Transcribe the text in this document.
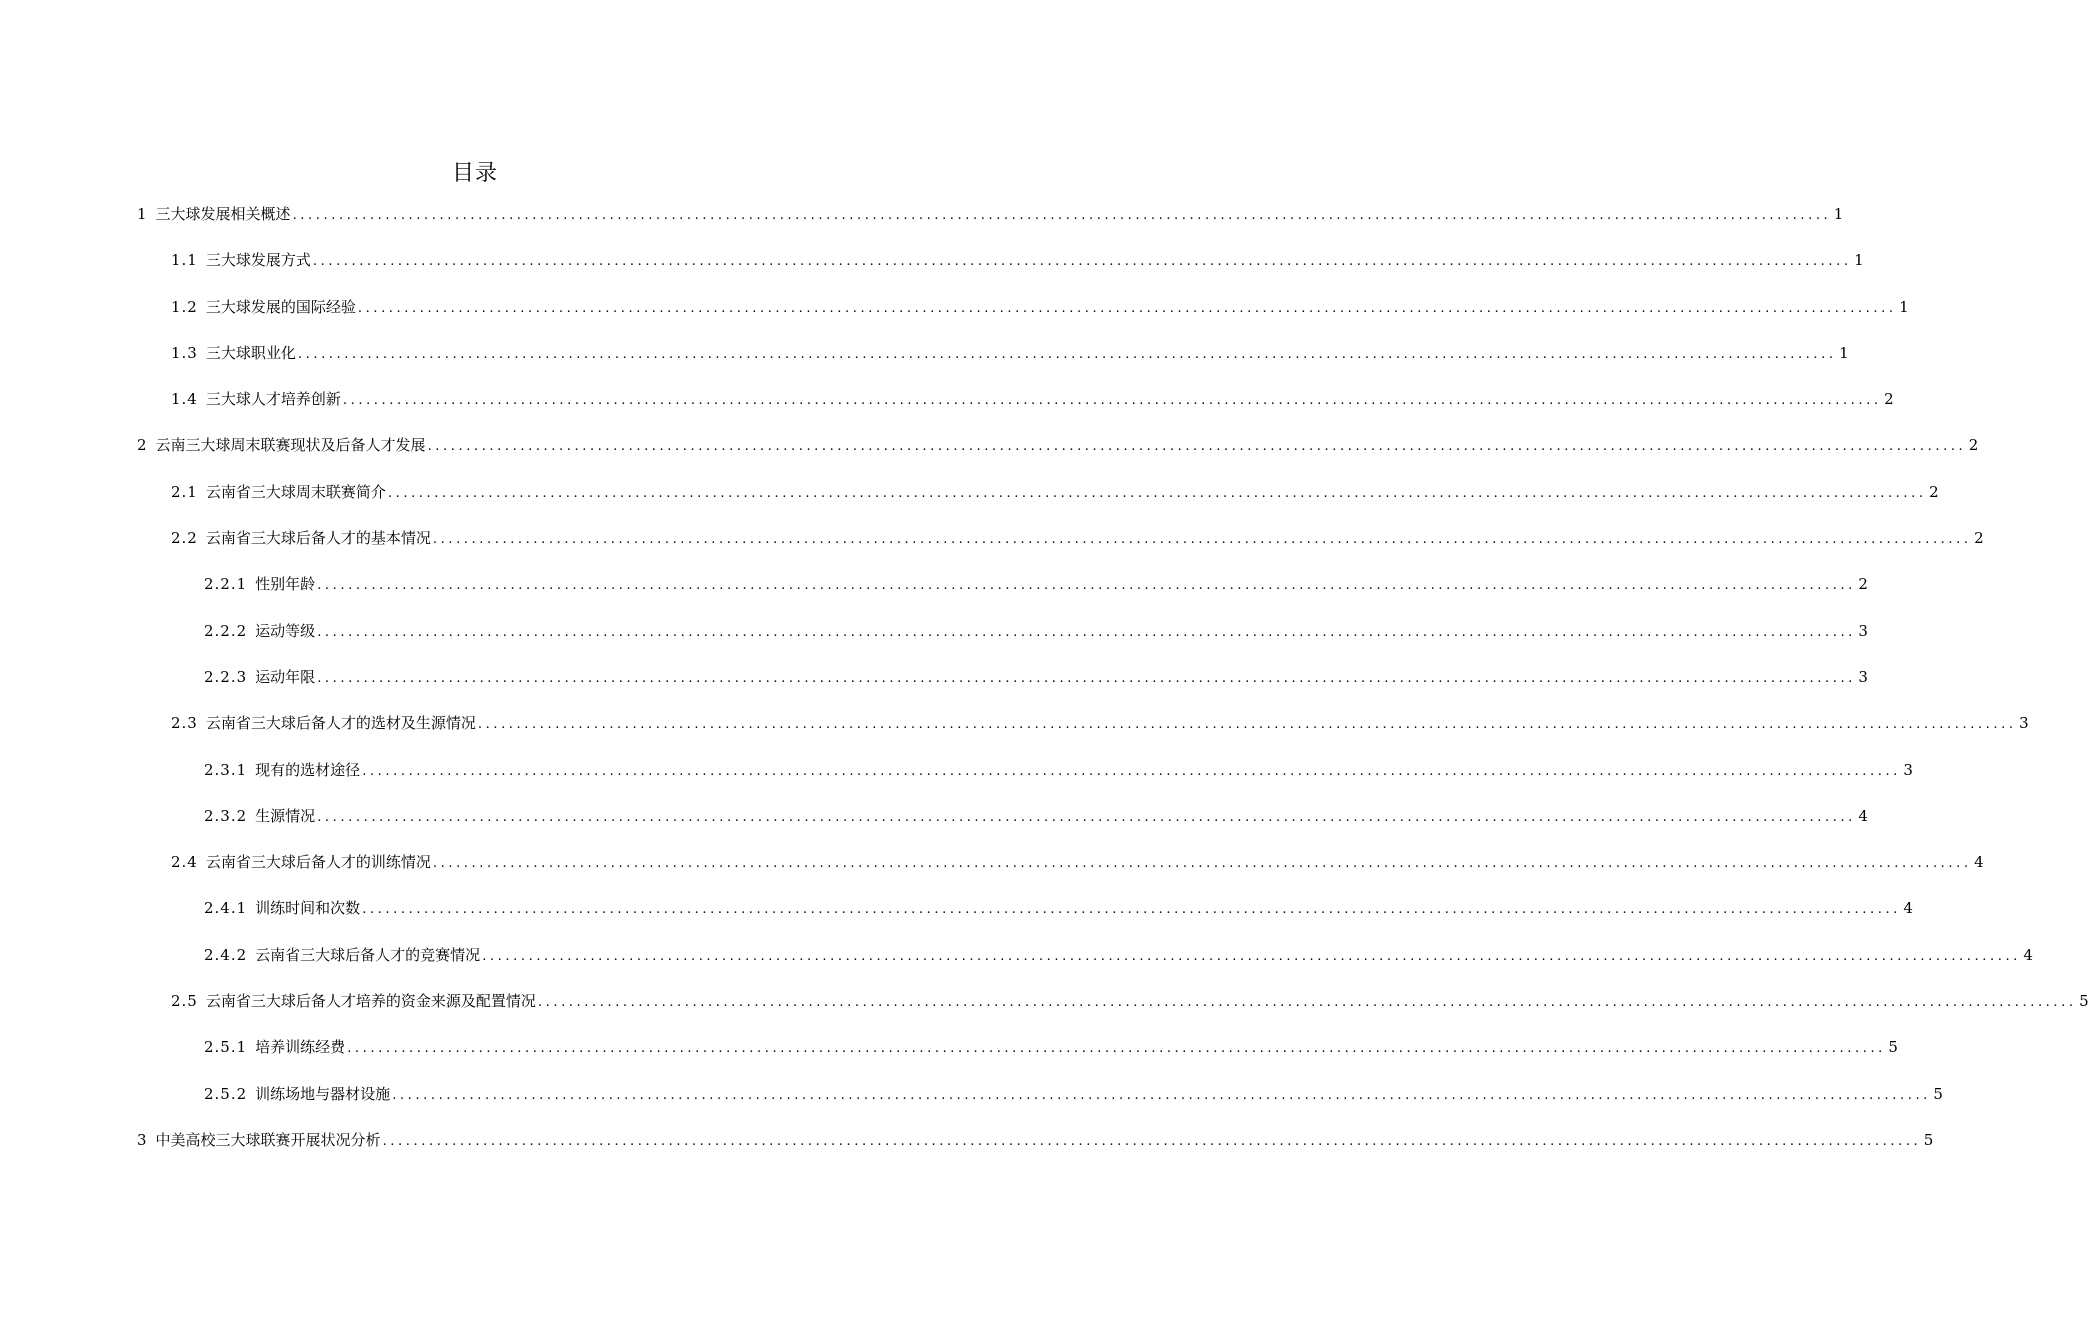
目录
1 三大球发展相关概述 ....................................................................................................................................................................................................... 1
1.1 三大球发展方式 ....................................................................................................................................................................................................... 1
1.2 三大球发展的国际经验 ....................................................................................................................................................................................................... 1
1.3 三大球职业化 ....................................................................................................................................................................................................... 1
1.4 三大球人才培养创新 ....................................................................................................................................................................................................... 2
2 云南三大球周末联赛现状及后备人才发展 ....................................................................................................................................................................................................... 2
2.1 云南省三大球周末联赛简介 ....................................................................................................................................................................................................... 2
2.2 云南省三大球后备人才的基本情况 ....................................................................................................................................................................................................... 2
2.2.1 性别年龄 ....................................................................................................................................................................................................... 2
2.2.2 运动等级 ....................................................................................................................................................................................................... 3
2.2.3 运动年限 ....................................................................................................................................................................................................... 3
2.3 云南省三大球后备人才的选材及生源情况 ....................................................................................................................................................................................................... 3
2.3.1 现有的选材途径 ....................................................................................................................................................................................................... 3
2.3.2 生源情况 ....................................................................................................................................................................................................... 4
2.4 云南省三大球后备人才的训练情况 ....................................................................................................................................................................................................... 4
2.4.1 训练时间和次数 ....................................................................................................................................................................................................... 4
2.4.2 云南省三大球后备人才的竞赛情况 ....................................................................................................................................................................................................... 4
2.5 云南省三大球后备人才培养的资金来源及配置情况 ....................................................................................................................................................................................................... 5
2.5.1 培养训练经费 ....................................................................................................................................................................................................... 5
2.5.2 训练场地与器材设施 ....................................................................................................................................................................................................... 5
3 中美高校三大球联赛开展状况分析 ....................................................................................................................................................................................................... 5
